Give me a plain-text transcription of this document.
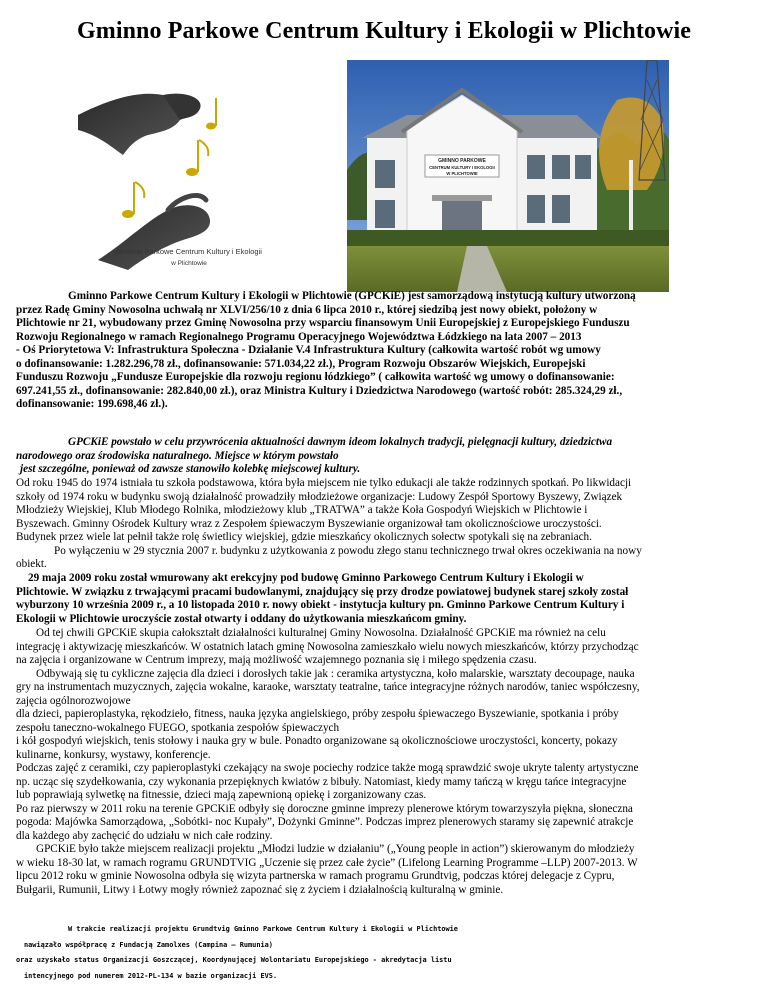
Gminno Parkowe Centrum Kultury i Ekologii w Plichtowie
Gminno Parkowe Centrum Kultury i Ekologii
w Plichtowie
GMINNO PARKOWE
CENTRUM KULTURY I EKOLOGII
W PLICHTOWIE
Gminno Parkowe Centrum Kultury i Ekologii w Plichtowie (GPCKiE) jest samorządową instytucją kultury utworzoną
przez Radę Gminy Nowosolna uchwałą nr XLVI/256/10 z dnia 6 lipca 2010 r., której siedzibą jest nowy obiekt, położony w
Plichtowie nr 21, wybudowany przez Gminę Nowosolna przy wsparciu finansowym Unii Europejskiej z Europejskiego Funduszu
Rozwoju Regionalnego w ramach Regionalnego Programu Operacyjnego Województwa Łódzkiego na lata 2007 – 2013
- Oś Priorytetowa V: Infrastruktura Społeczna - Działanie V.4 Infrastruktura Kultury (całkowita wartość robót wg umowy
o dofinansowanie: 1.282.296,78 zł., dofinansowanie: 571.034,22 zł.), Program Rozwoju Obszarów Wiejskich, Europejski
Funduszu Rozwoju „Fundusze Europejskie dla rozwoju regionu łódzkiego” ( całkowita wartość wg umowy o dofinansowanie:
697.241,55 zł., dofinansowanie: 282.840,00 zł.), oraz Ministra Kultury i Dziedzictwa Narodowego (wartość robót: 285.324,29 zł.,
dofinansowanie: 199.698,46 zł.).
GPCKiE powstało w celu przywrócenia aktualności dawnym ideom lokalnych tradycji, pielęgnacji kultury, dziedzictwa
narodowego oraz środowiska naturalnego. Miejsce w którym powstało
jest szczególne, ponieważ od zawsze stanowiło kolebkę miejscowej kultury.
Od roku 1945 do 1974 istniała tu szkoła podstawowa, która była miejscem nie tylko edukacji ale także rodzinnych spotkań. Po likwidacji
szkoły od 1974 roku w budynku swoją działalność prowadziły młodzieżowe organizacje: Ludowy Zespół Sportowy Byszewy, Związek
Młodzieży Wiejskiej, Klub Młodego Rolnika, młodzieżowy klub „TRATWA” a także Koła Gospodyń Wiejskich w Plichtowie i
Byszewach. Gminny Ośrodek Kultury wraz z Zespołem śpiewaczym Byszewianie organizował tam okolicznościowe uroczystości.
Budynek przez wiele lat pełnił także rolę świetlicy wiejskiej, gdzie mieszkańcy okolicznych sołectw spotykali się na zebraniach.
Po wyłączeniu w 29 stycznia 2007 r. budynku z użytkowania z powodu złego stanu technicznego trwał okres oczekiwania na nowy
obiekt.
29 maja 2009 roku został wmurowany akt erekcyjny pod budowę Gminno Parkowego Centrum Kultury i Ekologii w
Plichtowie. W związku z trwającymi pracami budowlanymi, znajdujący się przy drodze powiatowej budynek starej szkoły został
wyburzony 10 września 2009 r., a 10 listopada 2010 r. nowy obiekt - instytucja kultury pn. Gminno Parkowe Centrum Kultury i
Ekologii w Plichtowie uroczyście został otwarty i oddany do użytkowania mieszkańcom gminy.
Od tej chwili GPCKiE skupia całokształt działalności kulturalnej Gminy Nowosolna. Działalność GPCKiE ma również na celu
integrację i aktywizację mieszkańców. W ostatnich latach gminę Nowosolna zamieszkało wielu nowych mieszkańców, którzy przychodząc
na zajęcia i organizowane w Centrum imprezy, mają możliwość wzajemnego poznania się i miłego spędzenia czasu.
Odbywają się tu cykliczne zajęcia dla dzieci i dorosłych takie jak : ceramika artystyczna, koło malarskie, warsztaty decoupage, nauka
gry na instrumentach muzycznych, zajęcia wokalne, karaoke, warsztaty teatralne, tańce integracyjne różnych narodów, taniec współczesny,
zajęcia ogólnorozwojowe
dla dzieci, papieroplastyka, rękodzieło, fitness, nauka języka angielskiego, próby zespołu śpiewaczego Byszewianie, spotkania i próby
zespołu taneczno-wokalnego FUEGO, spotkania zespołów śpiewaczych
i kół gospodyń wiejskich, tenis stołowy i nauka gry w bule. Ponadto organizowane są okolicznościowe uroczystości, koncerty, pokazy
kulinarne, konkursy, wystawy, konferencje.
Podczas zajęć z ceramiki, czy papieroplastyki czekający na swoje pociechy rodzice także mogą sprawdzić swoje ukryte talenty artystyczne
np. ucząc się szydełkowania, czy wykonania przepięknych kwiatów z bibuły. Natomiast, kiedy mamy tańczą w kręgu tańce integracyjne
lub poprawiają sylwetkę na fitnessie, dzieci mają zapewnioną opiekę i zorganizowany czas.
Po raz pierwszy w 2011 roku na terenie GPCKiE odbyły się doroczne gminne imprezy plenerowe którym towarzyszyła piękna, słoneczna
pogoda: Majówka Samorządowa, „Sobótki- noc Kupały”, Dożynki Gminne”. Podczas imprez plenerowych staramy się zapewnić atrakcje
dla każdego aby zachęcić do udziału w nich całe rodziny.
GPCKiE było także miejscem realizacji projektu „Młodzi ludzie w działaniu” („Young people in action”) skierowanym do młodzieży
w wieku 18-30 lat, w ramach rogramu GRUNDTVIG „Uczenie się przez całe życie” (Lifelong Learning Programme –LLP) 2007-2013. W
lipcu 2012 roku w gminie Nowosolna odbyła się wizyta partnerska w ramach programu Grundtvig, podczas której delegacje z Cypru,
Bułgarii, Rumunii, Litwy i Łotwy mogły również zapoznać się z życiem i działalnością kulturalną w gminie.
W trakcie realizacji projektu Grundtvig Gminno Parkowe Centrum Kultury i Ekologii w Plichtowie
nawiązało współpracę z Fundacją Zamolxes (Campina – Rumunia)
oraz uzyskało status Organizacji Goszczącej, Koordynującej Wolontariatu Europejskiego - akredytacja listu
intencyjnego pod numerem 2012-PL-134 w bazie organizacji EVS.
